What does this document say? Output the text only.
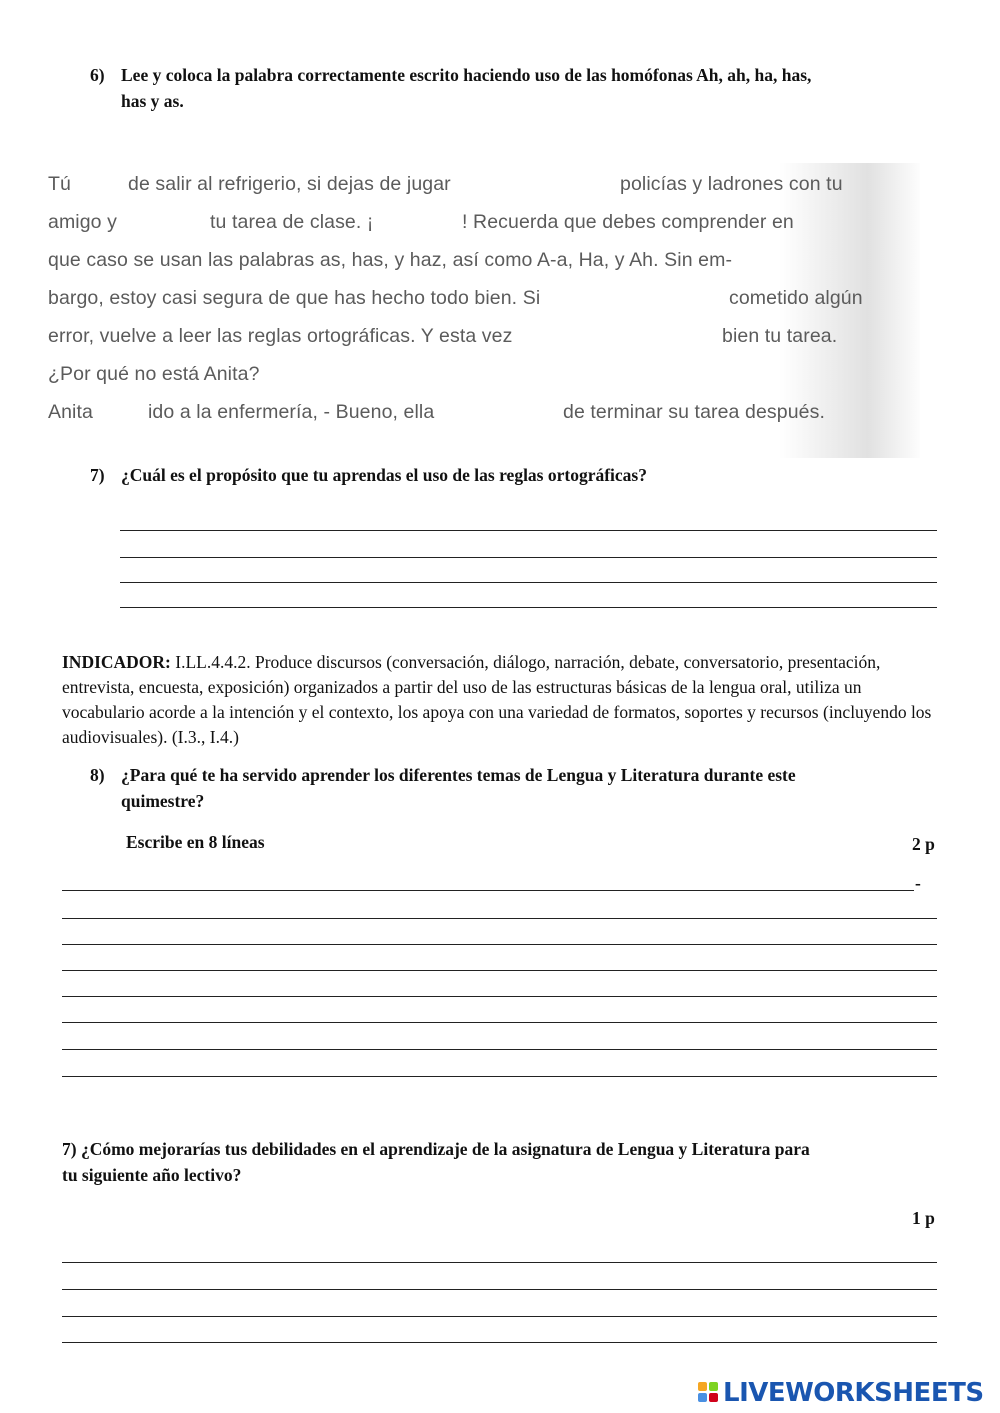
6) Lee y coloca la palabra correctamente escrito haciendo uso de las homófonas Ah, ah, ha, has,
has y as.
Tú	de salir al refrigerio, si dejas de jugar	policías y ladrones con tu
amigo y	tu tarea de clase. ¡	! Recuerda que debes comprender en
que caso se usan las palabras as, has, y haz, así como A-a, Ha, y Ah. Sin em-
bargo, estoy casi segura de que has hecho todo bien. Si	cometido algún
error, vuelve a leer las reglas ortográficas. Y esta vez	bien tu tarea.
¿Por qué no está Anita?
Anita	ido a la enfermería, - Bueno, ella	de terminar su tarea después.
7) ¿Cuál es el propósito que tu aprendas el uso de las reglas ortográficas?
INDICADOR: I.LL.4.4.2. Produce discursos (conversación, diálogo, narración, debate, conversatorio, presentación, entrevista, encuesta, exposición) organizados a partir del uso de las estructuras básicas de la lengua oral, utiliza un vocabulario acorde a la intención y el contexto, los apoya con una variedad de formatos, soportes y recursos (incluyendo los audiovisuales). (I.3., I.4.)
8) ¿Para qué te ha servido aprender los diferentes temas de Lengua y Literatura durante este
quimestre?
Escribe en 8 líneas	2 p
-
7) ¿Cómo mejorarías tus debilidades en el aprendizaje de la asignatura de Lengua y Literatura para
tu siguiente año lectivo?
1 p
LIVEWORKSHEETS
